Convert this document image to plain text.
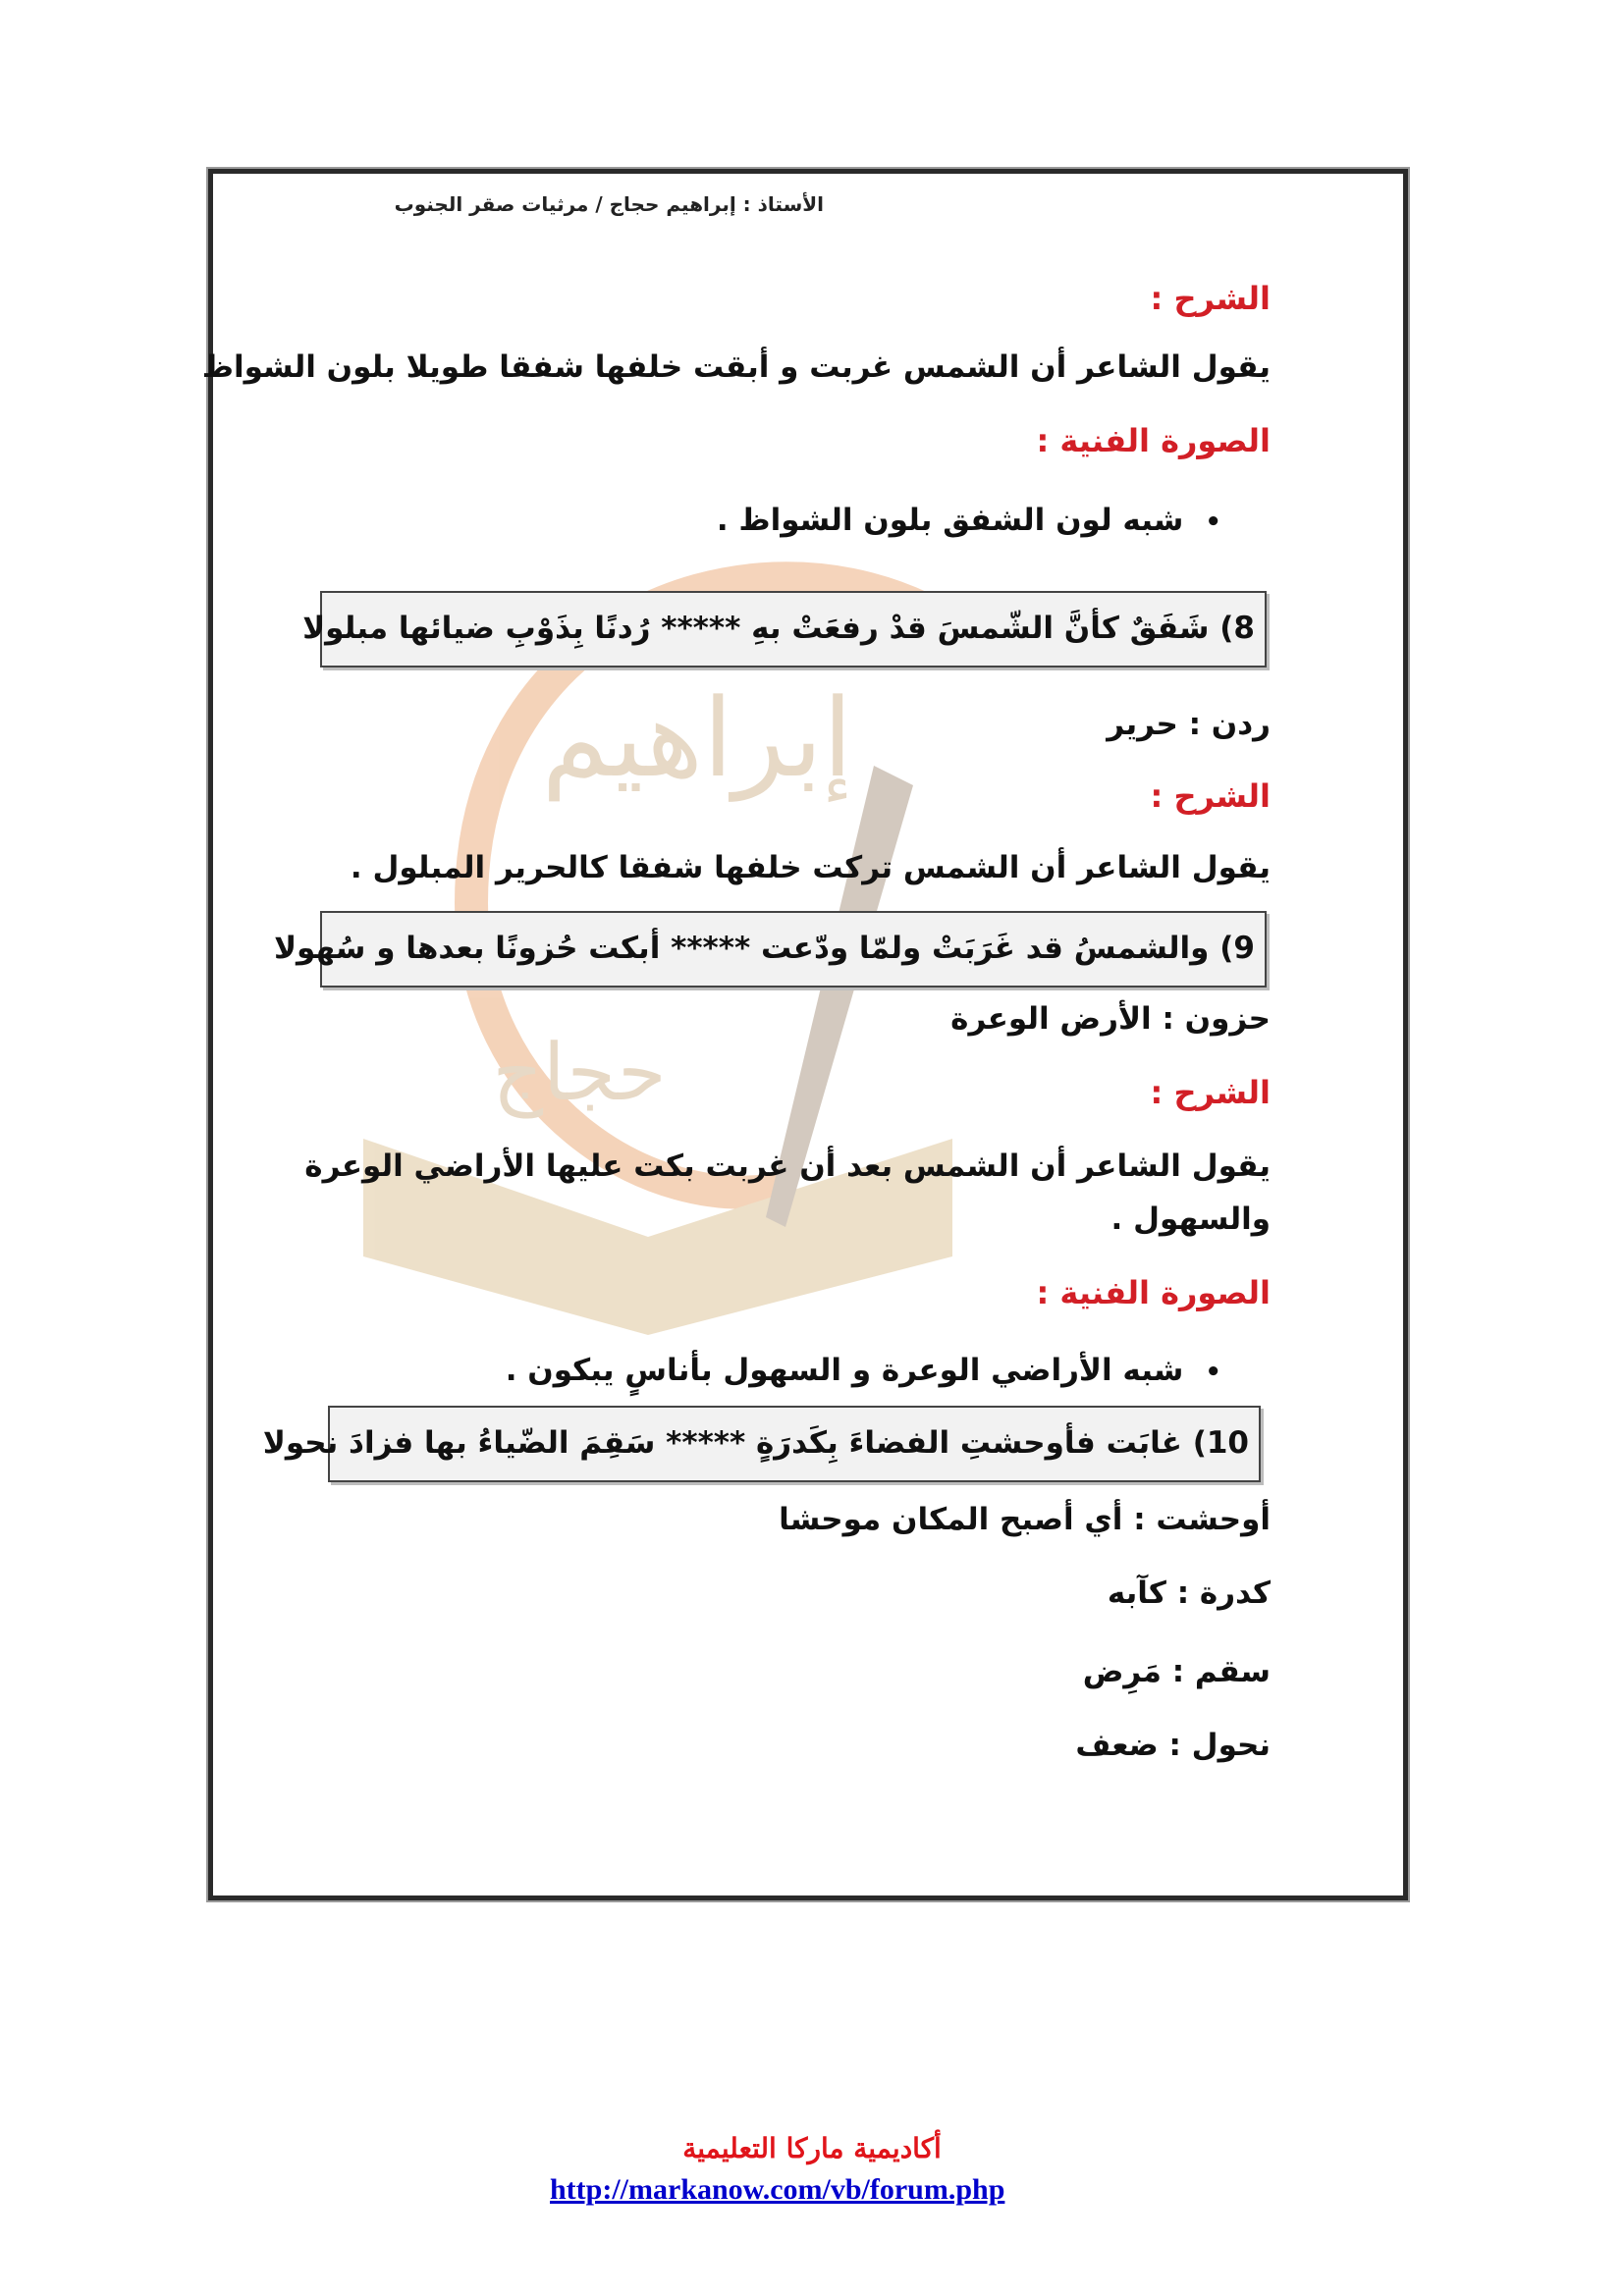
إبراهيم
حجاج
الأستاذ : إبراهيم حجاج / مرثيات صقر الجنوب
الشرح :
يقول الشاعر أن الشمس غربت و أبقت خلفها شفقا طويلا بلون الشواظ
الصورة الفنية :
• شبه لون الشفق بلون الشواظ .
8) شَفَقٌ كأنَّ الشّمسَ قدْ رفعَتْ بهِ ***** رُدنًا بِذَوْبِ ضيائها مبلولا
ردن : حرير
الشرح :
يقول الشاعر أن الشمس تركت خلفها شفقا كالحرير المبلول .
9) والشمسُ قد غَرَبَتْ ولمّا ودّعت ***** أبكت حُزونًا بعدها و سُهولا
حزون : الأرض الوعرة
الشرح :
يقول الشاعر أن الشمس بعد أن غربت بكت عليها الأراضي الوعرة
والسهول .
الصورة الفنية :
• شبه الأراضي الوعرة و السهول بأناسٍ يبكون .
10) غابَت فأوحشتِ الفضاءَ بِكَدرَةٍ ***** سَقِمَ الضّياءُ بها فزادَ نحولا
أوحشت : أي أصبح المكان موحشا
كدرة : كآبه
سقم : مَرِض
نحول : ضعف
أكاديمية ماركا التعليمية
http://markanow.com/vb/forum.php
